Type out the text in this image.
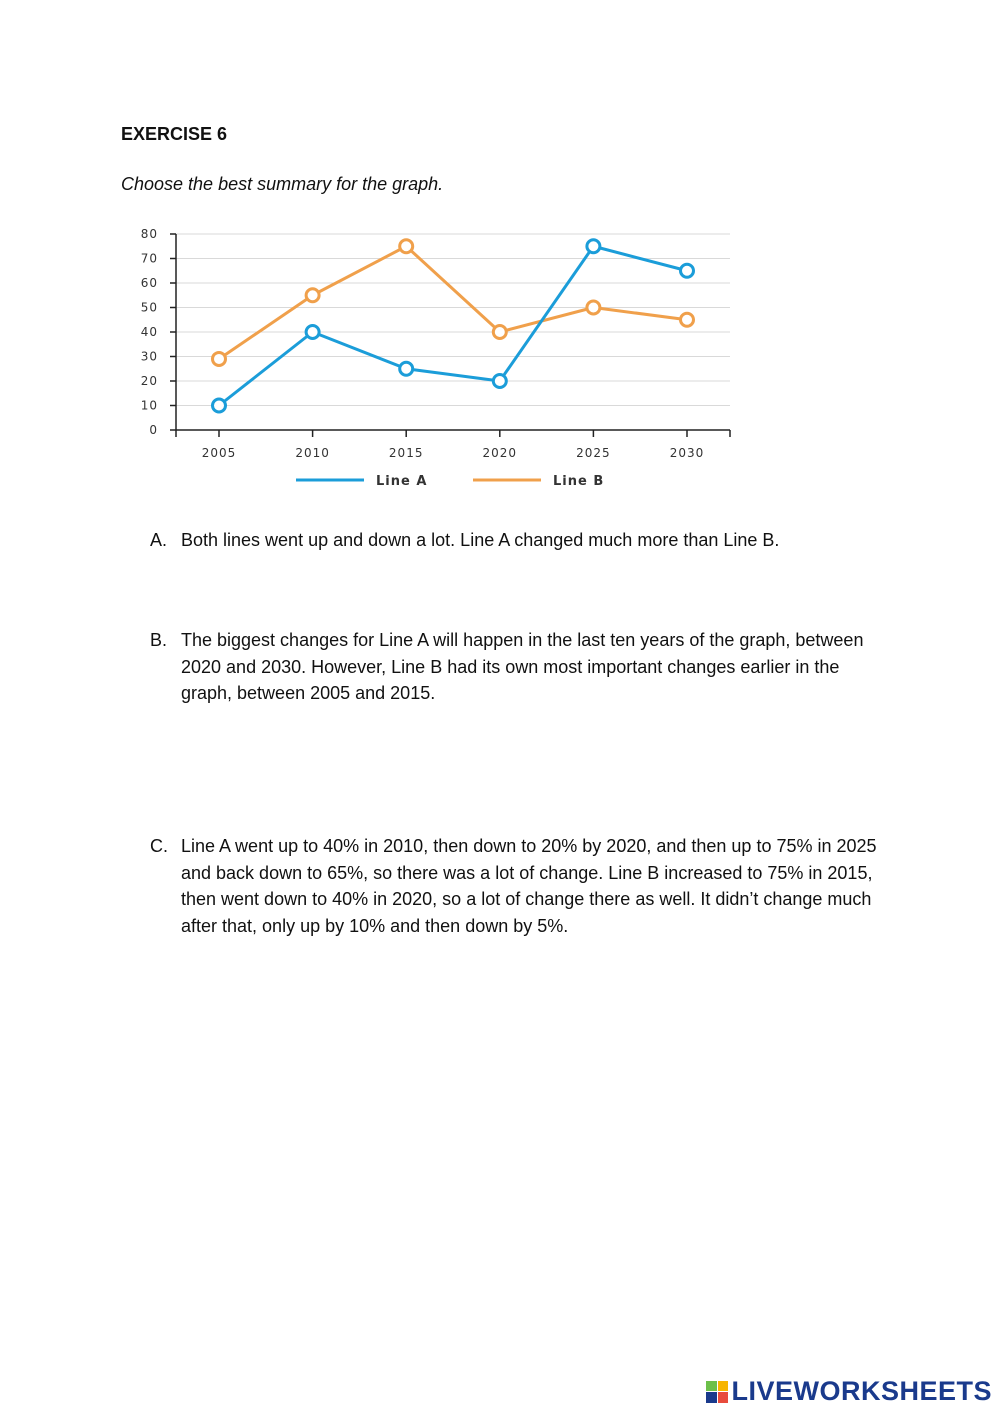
EXERCISE 6

Choose the best summary for the graph.

0
10
20
30
40
50
60
70
80
2005	2010	2015	2020	2025	2030
Line A	Line B
A. Both lines went up and down a lot. Line A changed much more than Line B.
B. The biggest changes for Line A will happen in the last ten years of the graph, between 2020 and 2030. However, Line B had its own most important changes earlier in the graph, between 2005 and 2015.
C. Line A went up to 40% in 2010, then down to 20% by 2020, and then up to 75% in 2025 and back down to 65%, so there was a lot of change. Line B increased to 75% in 2015, then went down to 40% in 2020, so a lot of change there as well. It didn’t change much after that, only up by 10% and then down by 5%.
LIVEWORKSHEETS
